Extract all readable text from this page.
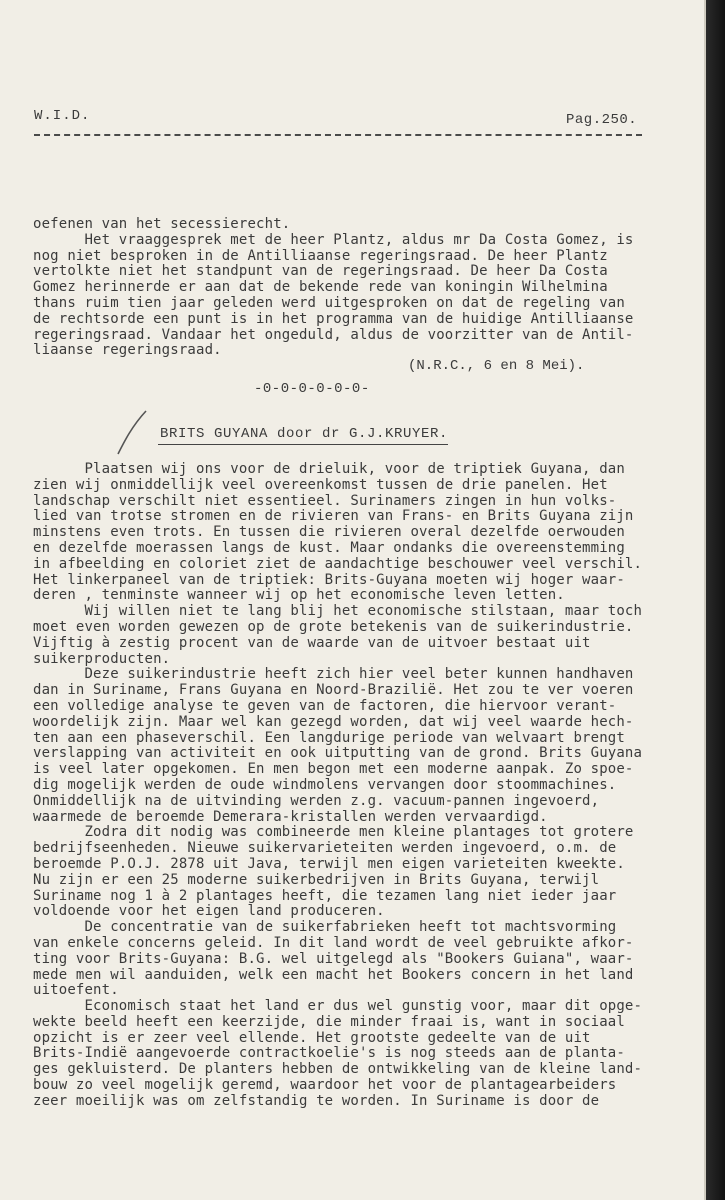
W.I.D.	Pag.250.
oefenen van het secessierecht.
Het vraaggesprek met de heer Plantz, aldus mr Da Costa Gomez, is
nog niet besproken in de Antilliaanse regeringsraad. De heer Plantz
vertolkte niet het standpunt van de regeringsraad. De heer Da Costa
Gomez herinnerde er aan dat de bekende rede van koningin Wilhelmina
thans ruim tien jaar geleden werd uitgesproken on dat de regeling van
de rechtsorde een punt is in het programma van de huidige Antilliaanse
regeringsraad. Vandaar het ongeduld, aldus de voorzitter van de Antil-
liaanse regeringsraad.
(N.R.C., 6 en 8 Mei).
-0-0-0-0-0-0-
BRITS GUYANA door dr G.J.KRUYER.
Plaatsen wij ons voor de drieluik, voor de triptiek Guyana, dan
zien wij onmiddellijk veel overeenkomst tussen de drie panelen. Het
landschap verschilt niet essentieel. Surinamers zingen in hun volks-
lied van trotse stromen en de rivieren van Frans- en Brits Guyana zijn
minstens even trots. En tussen die rivieren overal dezelfde oerwouden
en dezelfde moerassen langs de kust. Maar ondanks die overeenstemming
in afbeelding en coloriet ziet de aandachtige beschouwer veel verschil.
Het linkerpaneel van de triptiek: Brits-Guyana moeten wij hoger waar-
deren , tenminste wanneer wij op het economische leven letten.
Wij willen niet te lang blij het economische stilstaan, maar toch
moet even worden gewezen op de grote betekenis van de suikerindustrie.
Vijftig à zestig procent van de waarde van de uitvoer bestaat uit
suikerproducten.
Deze suikerindustrie heeft zich hier veel beter kunnen handhaven
dan in Suriname, Frans Guyana en Noord-Brazilië. Het zou te ver voeren
een volledige analyse te geven van de factoren, die hiervoor verant-
woordelijk zijn. Maar wel kan gezegd worden, dat wij veel waarde hech-
ten aan een phaseverschil. Een langdurige periode van welvaart brengt
verslapping van activiteit en ook uitputting van de grond. Brits Guyana
is veel later opgekomen. En men begon met een moderne aanpak. Zo spoe-
dig mogelijk werden de oude windmolens vervangen door stoommachines.
Onmiddellijk na de uitvinding werden z.g. vacuum-pannen ingevoerd,
waarmede de beroemde Demerara-kristallen werden vervaardigd.
Zodra dit nodig was combineerde men kleine plantages tot grotere
bedrijfseenheden. Nieuwe suikervarieteiten werden ingevoerd, o.m. de
beroemde P.O.J. 2878 uit Java, terwijl men eigen varieteiten kweekte.
Nu zijn er een 25 moderne suikerbedrijven in Brits Guyana, terwijl
Suriname nog 1 à 2 plantages heeft, die tezamen lang niet ieder jaar
voldoende voor het eigen land produceren.
De concentratie van de suikerfabrieken heeft tot machtsvorming
van enkele concerns geleid. In dit land wordt de veel gebruikte afkor-
ting voor Brits-Guyana: B.G. wel uitgelegd als "Bookers Guiana", waar-
mede men wil aanduiden, welk een macht het Bookers concern in het land
uitoefent.
Economisch staat het land er dus wel gunstig voor, maar dit opge-
wekte beeld heeft een keerzijde, die minder fraai is, want in sociaal
opzicht is er zeer veel ellende. Het grootste gedeelte van de uit
Brits-Indië aangevoerde contractkoelie's is nog steeds aan de planta-
ges gekluisterd. De planters hebben de ontwikkeling van de kleine land-
bouw zo veel mogelijk geremd, waardoor het voor de plantagearbeiders
zeer moeilijk was om zelfstandig te worden. In Suriname is door de
